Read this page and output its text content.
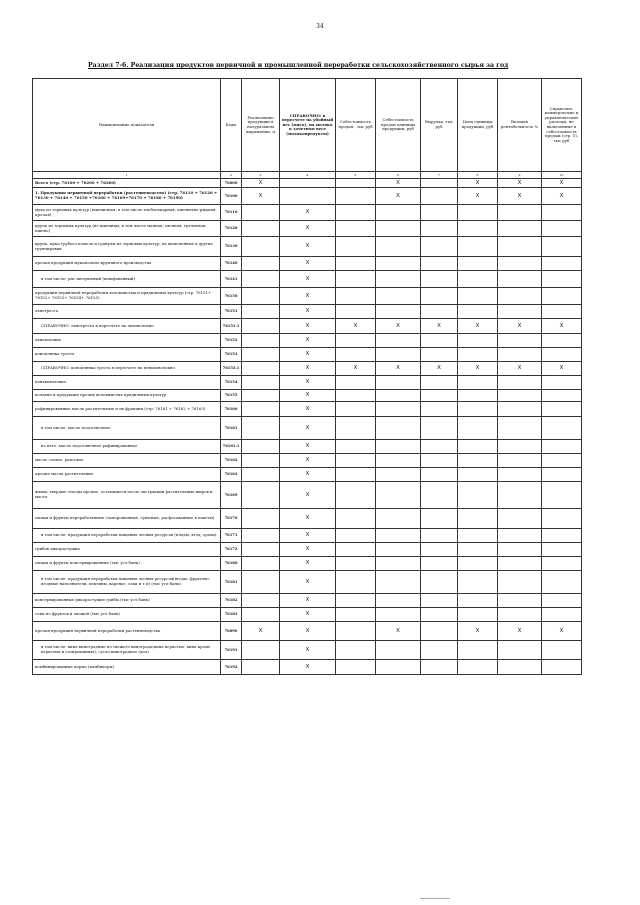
34
Раздел 7-6. Реализация продуктов первичной и промышленной переработки сельскохозяйственного сырья за год
Наименование показателя	Коды	Реализовано продукции в натуральном выражении, ц	СПРАВОЧНО: в пересчете на убойный вес (мясо), на молоко в зачетном весе (молокопродукты)	Себестоимость продан., тыс руб	Себестоимость продан единицы продукции, руб	Выручка, тыс руб	Цена единицы продукции, руб	Валовая рентабельность %	Справочно: коммерческие и управленческие расходы, не включенные в себестоимость продаж (стр. 5), тыс руб
1	2	3	4	5	6	7	8	9	10
Всего (стр. 76100 + 76200 + 76200)	76000	X			X		X	X	X
1. Продукция первичной переработки (растениеводство) (стр. 76110 + 76120 + 76130 + 76140 + 76150 +76160 + 76169+76170 + 76180 + 76190)	76100	X			X		X	X	X
мука из зерновых культур (пшеничная, в том числе хлебопекарная; пшенично-ржаная, прочая)	76110		X						
крупа из зерновых культур (из пшеницы, в том числе манная; овсяная, гречневая, пшено)	76120		X						
крупа, мука грубого помола и гранулы из зерновых культур, не включенные в другие группировки	76130		X						
прочая продукция мукомольно-крупяного производства	76140		X						
в том числе: рис шелушеный (шлифованный)	76141		X						
продукция первичной переработки волокнистых и прядильных культур (стр. 76151+ 76152+ 76153+ 76154+ 76155)	76150		X						
льнотресга	76151		X						
СПРАВОЧНО: льнотреста в пересчете на льноволокно	76151.1		X	X	X	X	X	X	X
льноволокно	76152		X						
коноплянка треста	76153		X						
СПРАВОЧНО: коноплянка треста в пересчете на пеньковолокно	76153.1		X	X	X	X	X	X	X
пеньковолокно	76154		X						
волокна и продукция прочих волокнистых прядильных культур	76155		X						
рафинированные масла растительные и их фракции (стр. 76161 + 76162 + 76163)	76160		X						
в том числе: масло подсолнечное	76161		X						
из него: масло подсолнечное рафинированное	76161.1		X						
масло соевое, рапсовое	76162		X						
прочие масла растительные	76163		X						
жмых, твердые отходы прочие, остающиеся после экстракции растительных жиров и масел	76169		X						
овощи и фрукты переработанные (замороженные, сушеные, расфасованные в пакеты)	76170		X						
в том числе: продукция переработки пищевых лесных ресурсов (плоды, ягод, орехи)	76171		X						
грибов дикорастущих	76172		X						
овощи и фрукты консервированные (тыс усл банк)	76180		X						
в том числе: продукция переработки пищевых лесных ресурсов(ягоды, фруктово-ягодные наполнители, пектины, варенье, соки и т.п) (тыс усл банк)	76181		X						
консервированные дикорастущие грибы (тыс усл банк)	76182		X						
соки из фруктов и овощей (тыс усл банк)	76183		X						
прочая продукция первичной переработки растениеводства	76090	X	X		X		X	X	X
в том числе: вина виноградные из свежего винограда(вина игристые, вина кроме игристых и газированных); сусло виноградное (дал)	76191		X						
комбинированные корма (комбикорм)	76192		X						
